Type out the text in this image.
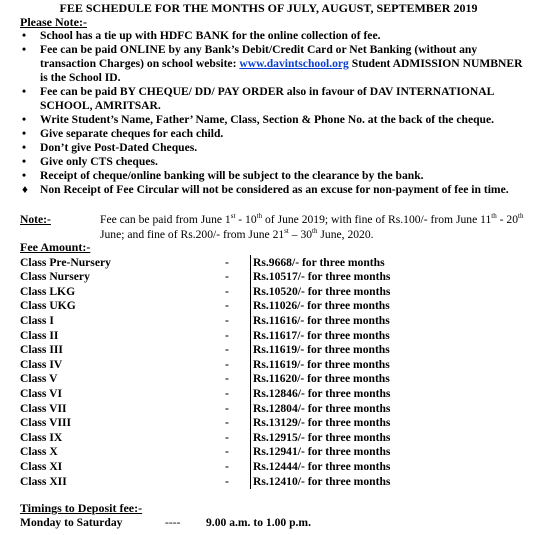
FEE SCHEDULE FOR THE MONTHS OF JULY, AUGUST, SEPTEMBER 2019
Please Note:-
• School has a tie up with HDFC BANK for the online collection of fee.
• Fee can be paid ONLINE by any Bank’s Debit/Credit Card or Net Banking (without any transaction Charges) on school website: www.davintschool.org Student ADMISSION NUMBNER is the School ID.
• Fee can be paid BY CHEQUE/ DD/ PAY ORDER also in favour of DAV INTERNATIONAL SCHOOL, AMRITSAR.
• Write Student’s Name, Father’ Name, Class, Section & Phone No. at the back of the cheque.
• Give separate cheques for each child.
• Don’t give Post-Dated Cheques.
• Give only CTS cheques.
• Receipt of cheque/online banking will be subject to the clearance by the bank.
♦ Non Receipt of Fee Circular will not be considered as an excuse for non-payment of fee in time.
Note:-	Fee can be paid from June 1st - 10th of June 2019; with fine of Rs.100/- from June 11th - 20th June; and fine of Rs.200/- from June 21st – 30th June, 2020.
Fee Amount:-
Class Pre-Nursery	-	Rs.9668/- for three months
Class Nursery	-	Rs.10517/- for three months
Class LKG	-	Rs.10520/- for three months
Class UKG	-	Rs.11026/- for three months
Class I	-	Rs.11616/- for three months
Class II	-	Rs.11617/- for three months
Class III	-	Rs.11619/- for three months
Class IV	-	Rs.11619/- for three months
Class V	-	Rs.11620/- for three months
Class VI	-	Rs.12846/- for three months
Class VII	-	Rs.12804/- for three months
Class VIII	-	Rs.13129/- for three months
Class IX	-	Rs.12915/- for three months
Class X	-	Rs.12941/- for three months
Class XI	-	Rs.12444/- for three months
Class XII	-	Rs.12410/- for three months
Timings to Deposit fee:-
Monday to Saturday	---- 9.00 a.m. to 1.00 p.m.
